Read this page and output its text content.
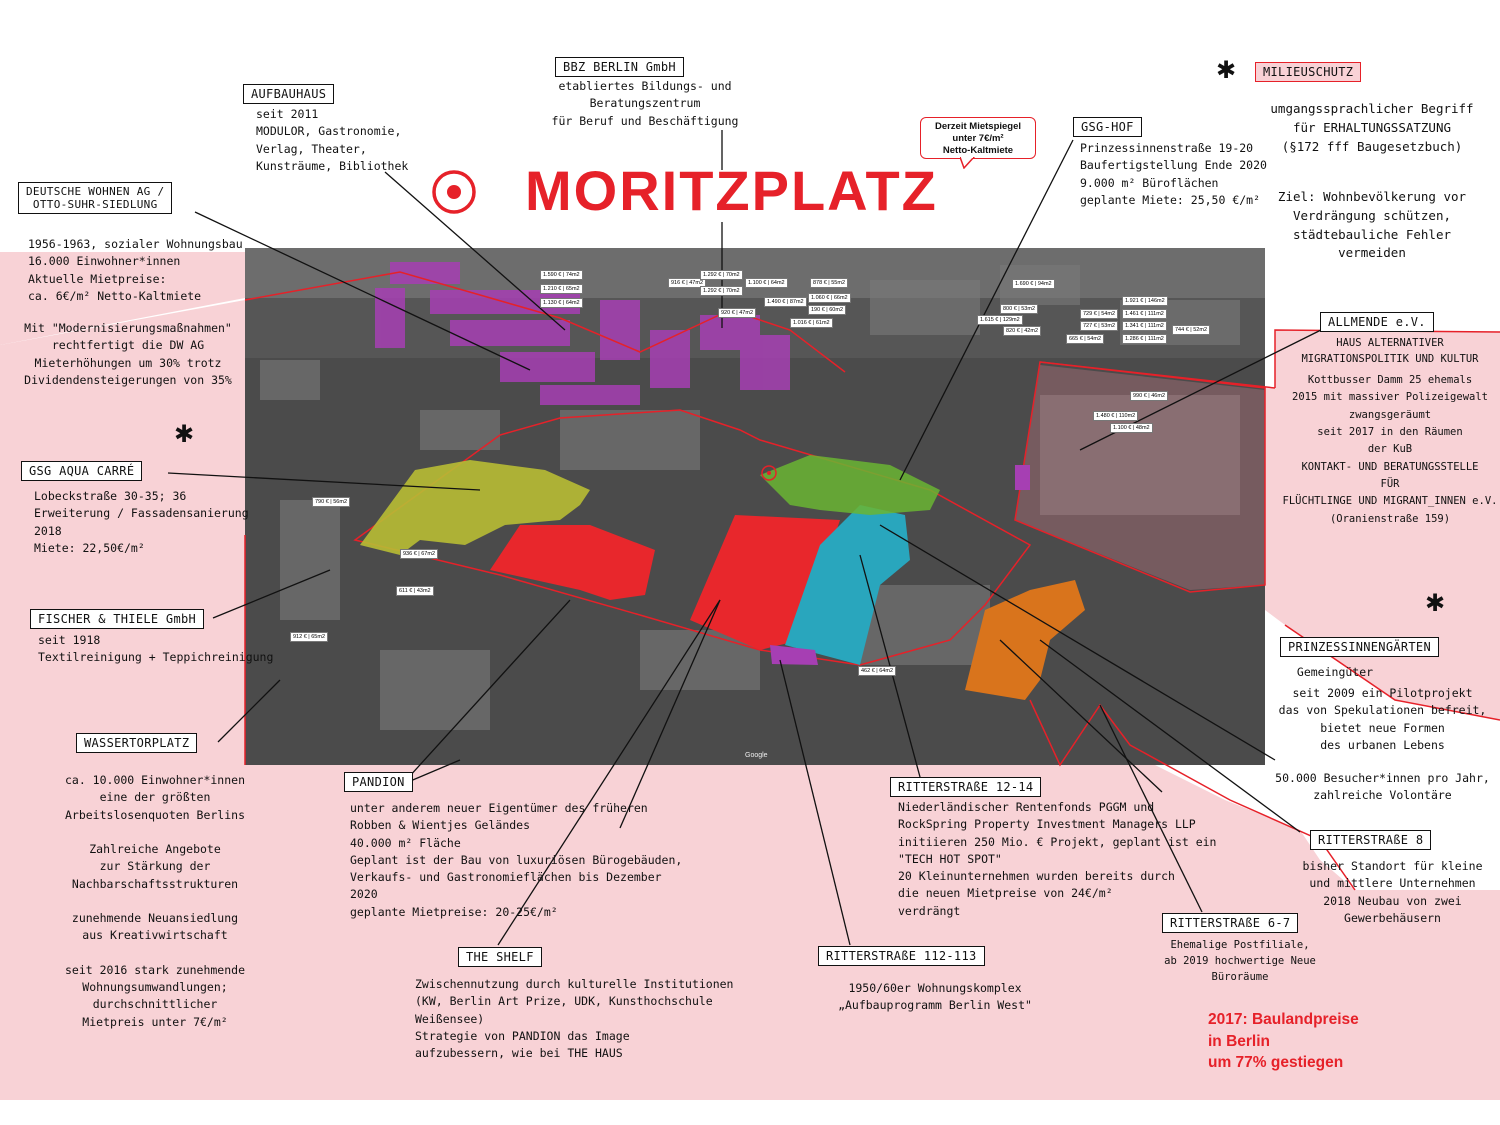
MORITZPLATZ
Derzeit Mietspiegel
unter 7€/m²
Netto-Kaltmiete
✱
✱
✱
1.590 € | 74m2
1.210 € | 65m2
1.130 € | 64m2
916 € | 47m2
1.292 € | 70m2
1.292 € | 70m2
920 € | 47m2
1.100 € | 64m2	878 € | 55m2
1.060 € | 66m2
1.490 € | 87m2
190 € | 60m2
1.016 € | 61m2
1.690 € | 94m2
800 € | 53m2
1.615 € | 129m2
820 € | 42m2
729 € | 54m2
1.921 € | 146m2
727 € | 53m2
1.461 € | 111m2
1.341 € | 111m2
744 € | 52m2
665 € | 54m2	1.286 € | 111m2
990 € | 46m2
1.480 € | 110m2
1.100 € | 48m2
790 € | 56m2
936 € | 67m2
611 € | 43m2
912 € | 65m2
462 € | 64m2
Google
AUFBAUHAUS
seit 2011
MODULOR, Gastronomie,
Verlag, Theater,
Kunsträume, Bibliothek
BBZ BERLIN GmbH
etabliertes Bildungs- und
Beratungszentrum
für Beruf und Beschäftigung	GSG-HOF
Prinzessinnenstraße 19-20
Baufertigstellung Ende 2020
9.000 m² Büroflächen
geplante Miete: 25,50 €/m²
MILIEUSCHUTZ
umgangssprachlicher Begriff
für ERHALTUNGSSATZUNG
(§172 fff Baugesetzbuch)
Ziel: Wohnbevölkerung vor
Verdrängung schützen,
städtebauliche Fehler
vermeiden
DEUTSCHE WOHNEN AG /
OTTO-SUHR-SIEDLUNG
1956-1963, sozialer Wohnungsbau
16.000 Einwohner*innen
Aktuelle Mietpreise:
ca. 6€/m² Netto-Kaltmiete
Mit "Modernisierungsmaßnahmen"
rechtfertigt die DW AG
Mieterhöhungen um 30% trotz
Dividendensteigerungen von 35%
ALLMENDE e.V.
HAUS ALTERNATIVER
MIGRATIONSPOLITIK UND KULTUR
Kottbusser Damm 25 ehemals
2015 mit massiver Polizeigewalt
zwangsgeräumt
seit 2017 in den Räumen
der KuB
KONTAKT- UND BERATUNGSSTELLE
FÜR
FLÜCHTLINGE UND MIGRANT_INNEN e.V.
(Oranienstraße 159)
GSG AQUA CARRÉ
Lobeckstraße 30-35; 36
Erweiterung / Fassadensanierung
2018
Miete: 22,50€/m²
FISCHER & THIELE GmbH
seit 1918
Textilreinigung + Teppichreinigung
PRINZESSINNENGÄRTEN
Gemeingüter
seit 2009 ein Pilotprojekt
das von Spekulationen befreit,
bietet neue Formen
des urbanen Lebens
50.000 Besucher*innen pro Jahr,
zahlreiche Volontäre
WASSERTORPLATZ
ca. 10.000 Einwohner*innen
eine der größten
Arbeitslosenquoten Berlins

Zahlreiche Angebote
zur Stärkung der
Nachbarschaftsstrukturen

zunehmende Neuansiedlung
aus Kreativwirtschaft

seit 2016 stark zunehmende
Wohnungsumwandlungen;
durchschnittlicher
Mietpreis unter 7€/m²
PANDION
unter anderem neuer Eigentümer des früheren
Robben & Wientjes Geländes
40.000 m² Fläche
Geplant ist der Bau von luxuriösen Bürogebäuden,
Verkaufs- und Gastronomieflächen bis Dezember
2020
geplante Mietpreise: 20-25€/m²
THE SHELF
Zwischennutzung durch kulturelle Institutionen
(KW, Berlin Art Prize, UDK, Kunsthochschule
Weißensee)
Strategie von PANDION das Image
aufzubessern, wie bei THE HAUS
RITTERSTRAßE 12-14
Niederländischer Rentenfonds PGGM und
RockSpring Property Investment Managers LLP
initiieren 250 Mio. € Projekt, geplant ist ein
"TECH HOT SPOT"
20 Kleinunternehmen wurden bereits durch
die neuen Mietpreise von 24€/m²
verdrängt
RITTERSTRAßE 112-113
1950/60er Wohnungskomplex
„Aufbauprogramm Berlin West"
RITTERSTRAßE 8
bisher Standort für kleine
und mittlere Unternehmen
2018 Neubau von zwei
Gewerbehäusern
RITTERSTRAßE 6-7
Ehemalige Postfiliale,
ab 2019 hochwertige Neue
Büroräume
2017: Baulandpreise
in Berlin
um 77% gestiegen
